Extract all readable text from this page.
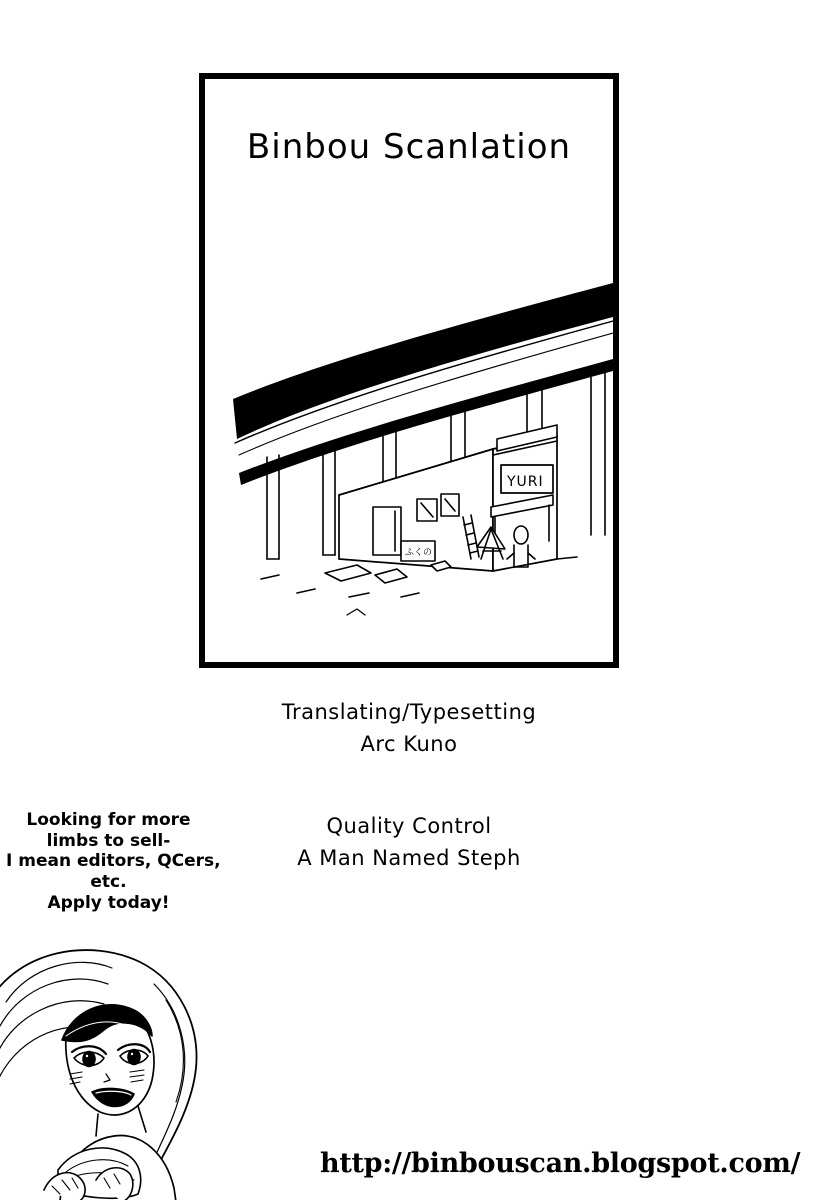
Binbou Scanlation
ふくの
YURI
Translating/Typesetting
Arc Kuno
Quality Control
A Man Named Steph
Looking for more
limbs to sell-
I mean editors, QCers,
etc.
Apply today!
http://binbouscan.blogspot.com/
